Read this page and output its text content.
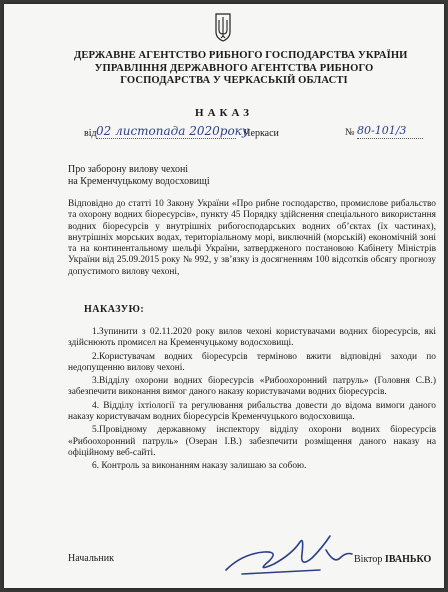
ДЕРЖАВНЕ АГЕНТСТВО РИБНОГО ГОСПОДАРСТВА УКРАЇНИ
УПРАВЛІННЯ ДЕРЖАВНОГО АГЕНТСТВА РИБНОГО
ГОСПОДАРСТВА У ЧЕРКАСЬКІЙ ОБЛАСТІ
НАКАЗ
від 02 листопада 2020року
Черкаси	№ 80-101/3
Про заборону вилову чехоні
на Кременчуцькому водосховищі
Відповідно до статті 10 Закону України «Про рибне господарство, промислове рибальство та охорону водних біоресурсів», пункту 45 Порядку здійснення спеціального використання водних біоресурсів у внутрішніх рибогосподарських водних об’єктах (їх частинах), внутрішніх морських водах, територіальному морі, виключній (морській) економічній зоні та на континентальному шельфі України, затвердженого постановою Кабінету Міністрів України від 25.09.2015 року № 992, у зв’язку із досягненням 100 відсотків обсягу прогнозу допустимого вилову чехоні,
НАКАЗУЮ:

1.Зупинити з 02.11.2020 року вилов чехоні користувачами водних біоресурсів, які здійснюють промисел на Кременчуцькому водосховищі.

2.Користувачам водних біоресурсів терміново вжити відповідні заходи по недопущенню вилову чехоні.

3.Відділу охорони водних біоресурсів «Рибоохоронний патруль» (Головня С.В.) забезпечити виконання вимог даного наказу користувачами водних біоресурсів.

4. Відділу іхтіології та регулювання рибальства довести до відома вимоги даного наказу користувачам водних біоресурсів Кременчуцького водосховища.

5.Провідному державному інспектору відділу охорони водних біоресурсів «Рибоохоронний патруль» (Озеран І.В.) забезпечити розміщення даного наказу на офіційному веб-сайті.

6. Контроль за виконанням наказу залишаю за собою.

Начальник	Віктор ІВАНЬКО
